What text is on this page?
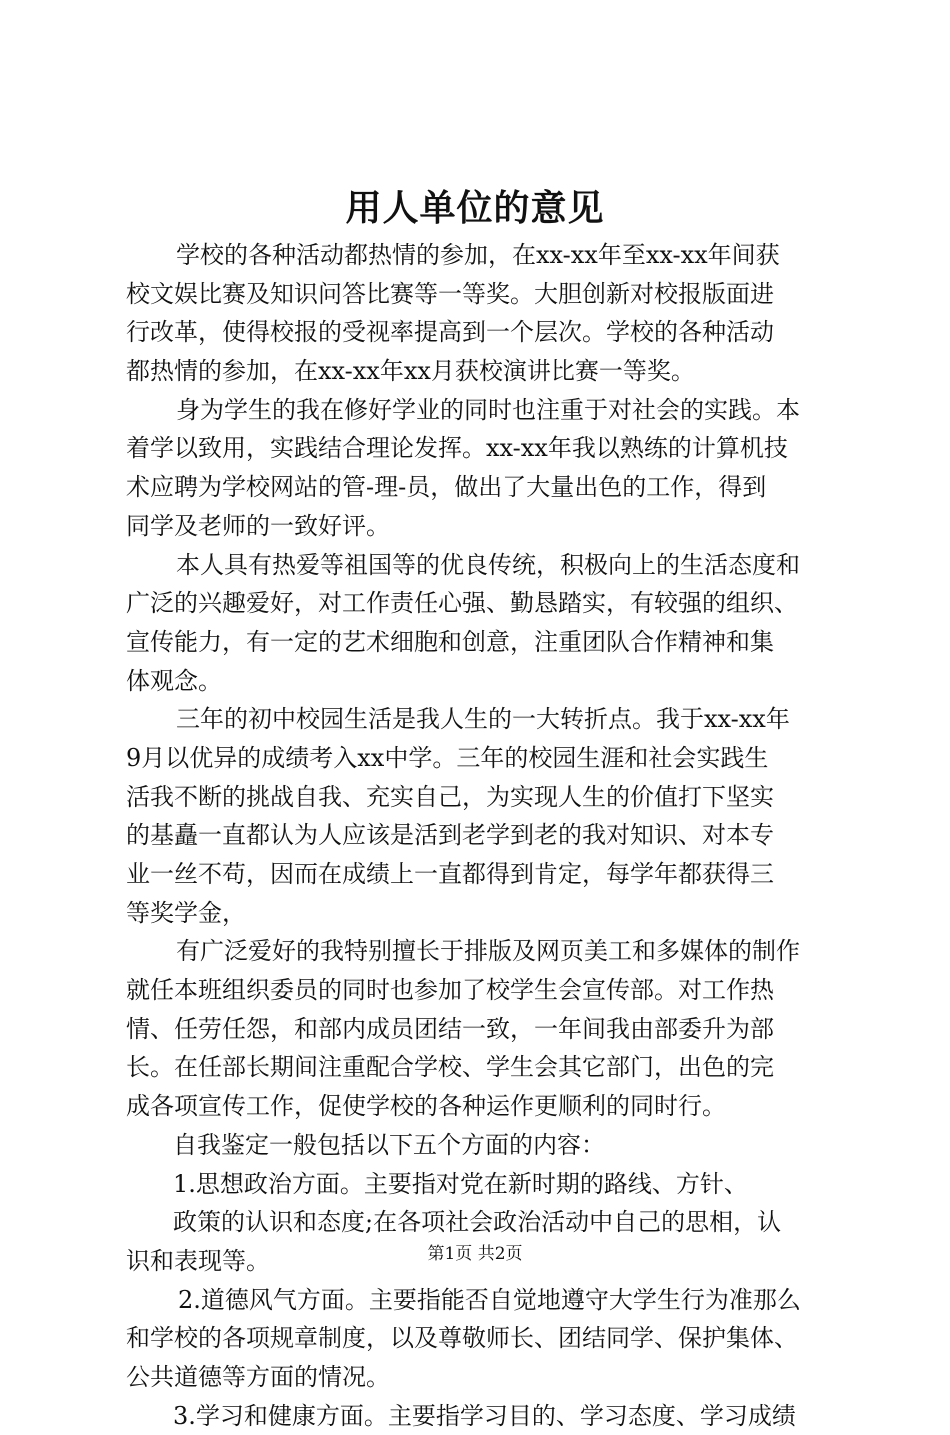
用人单位的意见
学校的各种活动都热情的参加，在xx-xx年至xx-xx年间获
校文娱比赛及知识问答比赛等一等奖。大胆创新对校报版面进
行改革，使得校报的受视率提高到一个层次。学校的各种活动
都热情的参加，在xx-xx年xx月获校演讲比赛一等奖。
身为学生的我在修好学业的同时也注重于对社会的实践。本
着学以致用，实践结合理论发挥。xx-xx年我以熟练的计算机技
术应聘为学校网站的管-理-员，做出了大量出色的工作，得到
同学及老师的一致好评。
本人具有热爱等祖国等的优良传统，积极向上的生活态度和
广泛的兴趣爱好，对工作责任心强、勤恳踏实，有较强的组织、
宣传能力，有一定的艺术细胞和创意，注重团队合作精神和集
体观念。
三年的初中校园生活是我人生的一大转折点。我于xx-xx年
9月以优异的成绩考入xx中学。三年的校园生涯和社会实践生
活我不断的挑战自我、充实自己，为实现人生的价值打下坚实
的基矗一直都认为人应该是活到老学到老的我对知识、对本专
业一丝不苟，因而在成绩上一直都得到肯定，每学年都获得三
等奖学金，
有广泛爱好的我特别擅长于排版及网页美工和多媒体的制作
就任本班组织委员的同时也参加了校学生会宣传部。对工作热
情、任劳任怨，和部内成员团结一致，一年间我由部委升为部
长。在任部长期间注重配合学校、学生会其它部门，出色的完
成各项宣传工作，促使学校的各种运作更顺利的同时行。
自我鉴定一般包括以下五个方面的内容：
1.思想政治方面。主要指对党在新时期的路线、方针、
政策的认识和态度;在各项社会政治活动中自己的思相，认
识和表现等。
2.道德风气方面。主要指能否自觉地遵守大学生行为准那么
和学校的各项规章制度，以及尊敬师长、团结同学、保护集体、
公共道德等方面的情况。
3.学习和健康方面。主要指学习目的、学习态度、学习成绩
第1页 共2页
